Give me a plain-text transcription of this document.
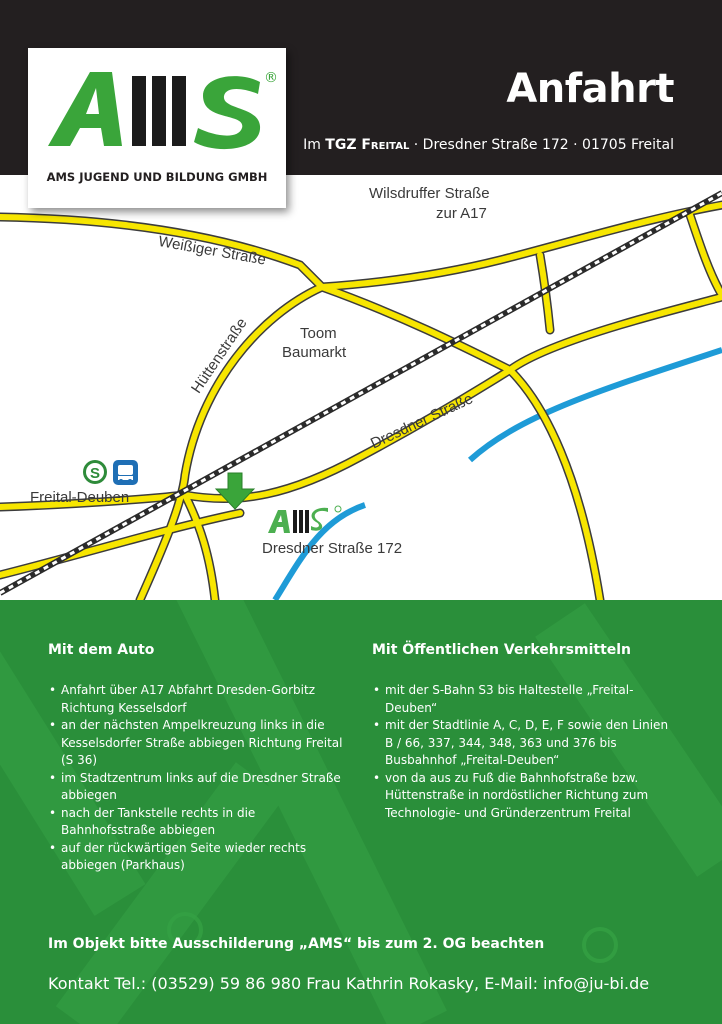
Anfahrt
Im TGZ Freital · Dresdner Straße 172 · 01705 Freital
S
Wilsdruffer Straße
zur A17
Weißiger Straße
Hüttenstraße	Toom
Baumarkt
Dresdner Straße
Freital-Deuben
Dresdner Straße 172
®
AMS JUGEND UND BILDUNG GMBH
Mit dem Auto
• Anfahrt über A17 Abfahrt Dresden-Gorbitz Richtung Kesselsdorf
• an der nächsten Ampelkreuzung links in die Kesselsdorfer Straße abbiegen Richtung Freital (S 36)
• im Stadtzentrum links auf die Dresdner Straße abbiegen
• nach der Tankstelle rechts in die Bahnhofsstraße abbiegen
• auf der rückwärtigen Seite wieder rechts abbiegen (Parkhaus)
Mit Öffentlichen Verkehrsmitteln
• mit der S-Bahn S3 bis Haltestelle „Freital-Deuben“
• mit der Stadtlinie A, C, D, E, F sowie den Linien B / 66, 337, 344, 348, 363 und 376 bis Busbahnhof „Freital-Deuben“
• von da aus zu Fuß die Bahnhofstraße bzw. Hüttenstraße in nordöstlicher Richtung zum Technologie- und Gründerzentrum Freital
Im Objekt bitte Ausschilderung „AMS“ bis zum 2. OG beachten
Kontakt Tel.: (03529) 59 86 980 Frau Kathrin Rokasky, E-Mail: info@ju-bi.de
